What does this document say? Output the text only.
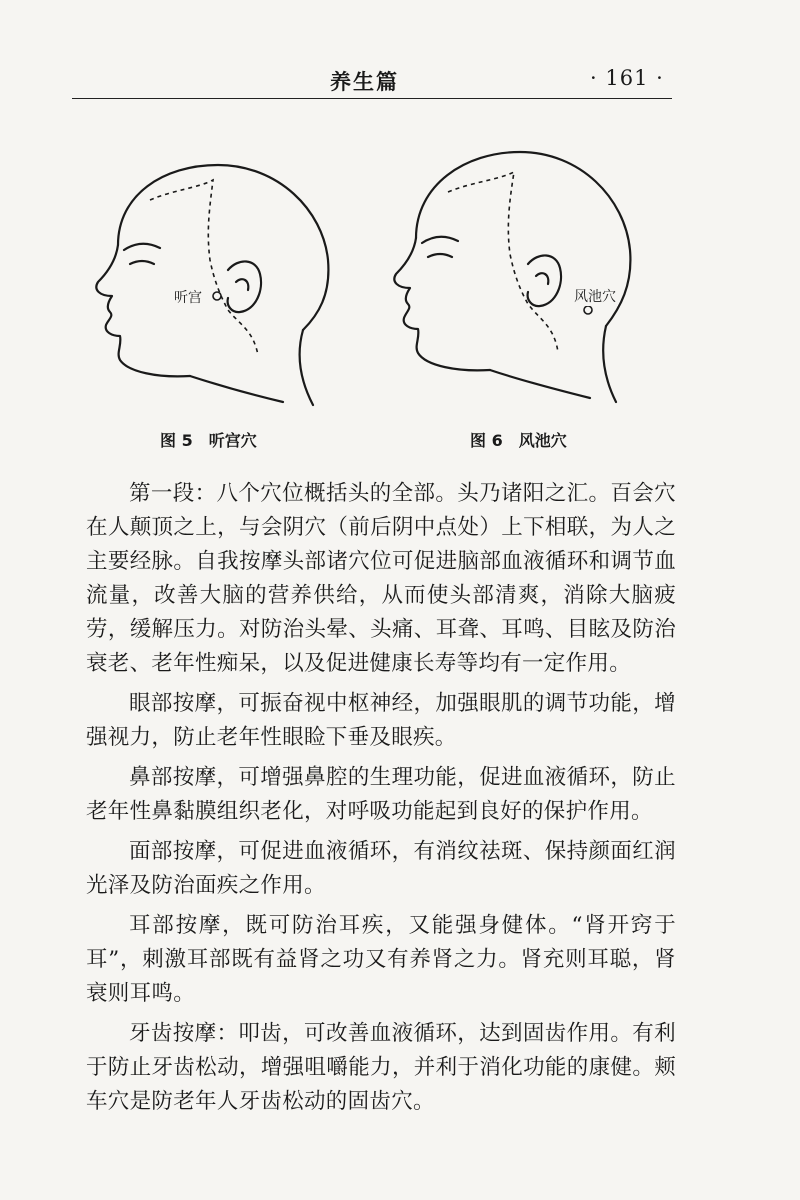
养生篇	· 161 ·
听宫
图 5　听宫穴
风池穴
图 6　风池穴

第一段：八个穴位概括头的全部。头乃诸阳之汇。百会穴在人颠顶之上，与会阴穴（前后阴中点处）上下相联，为人之主要经脉。自我按摩头部诸穴位可促进脑部血液循环和调节血流量，改善大脑的营养供给，从而使头部清爽，消除大脑疲劳，缓解压力。对防治头晕、头痛、耳聋、耳鸣、目眩及防治衰老、老年性痴呆，以及促进健康长寿等均有一定作用。

眼部按摩，可振奋视中枢神经，加强眼肌的调节功能，增强视力，防止老年性眼睑下垂及眼疾。

鼻部按摩，可增强鼻腔的生理功能，促进血液循环，防止老年性鼻黏膜组织老化，对呼吸功能起到良好的保护作用。

面部按摩，可促进血液循环，有消纹祛斑、保持颜面红润光泽及防治面疾之作用。

耳部按摩，既可防治耳疾，又能强身健体。“肾开窍于耳”，刺激耳部既有益肾之功又有养肾之力。肾充则耳聪，肾衰则耳鸣。

牙齿按摩：叩齿，可改善血液循环，达到固齿作用。有利于防止牙齿松动，增强咀嚼能力，并利于消化功能的康健。颊车穴是防老年人牙齿松动的固齿穴。
